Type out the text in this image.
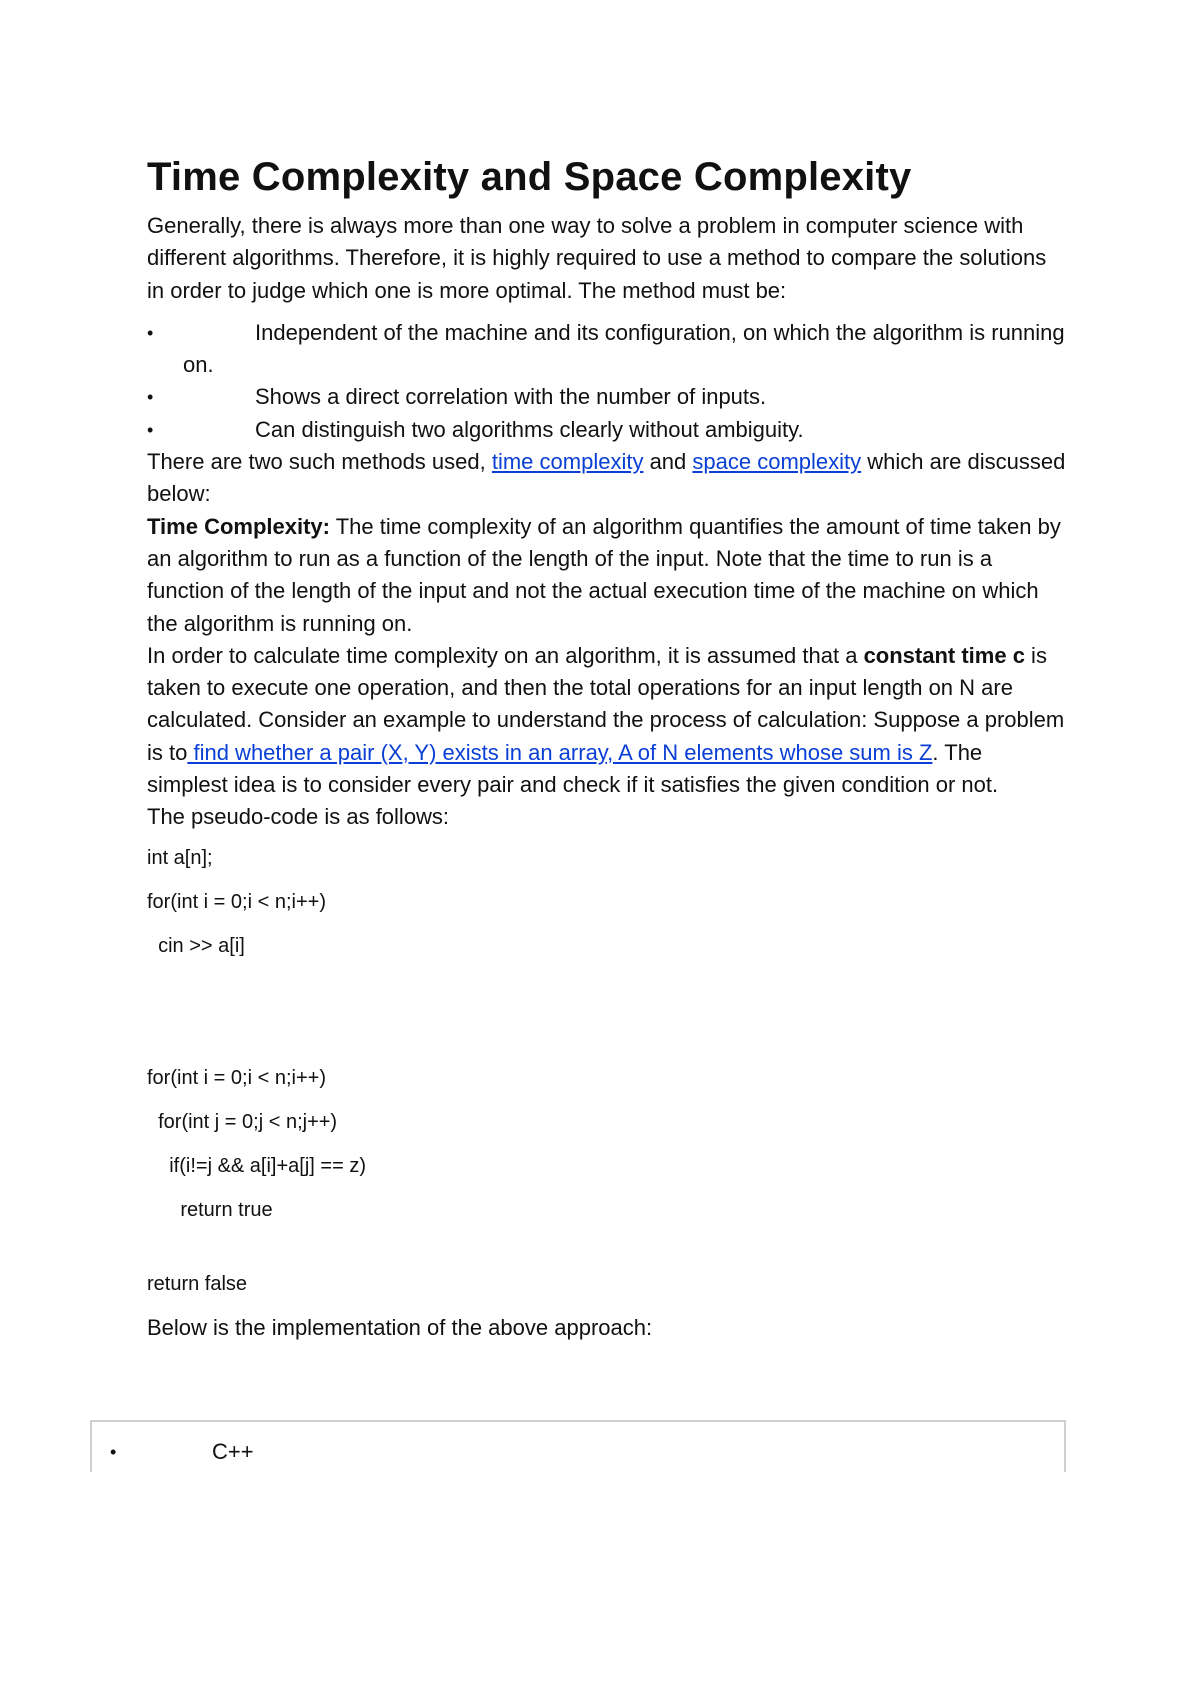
Time Complexity and Space Complexity

Generally, there is always more than one way to solve a problem in computer science with different algorithms. Therefore, it is highly required to use a method to compare the solutions in order to judge which one is more optimal. The method must be:

•	Independent of the machine and its configuration, on which the algorithm is running on.
•	Shows a direct correlation with the number of inputs.
•	Can distinguish two algorithms clearly without ambiguity.

There are two such methods used, time complexity and space complexity which are discussed below:

Time Complexity: The time complexity of an algorithm quantifies the amount of time taken by an algorithm to run as a function of the length of the input. Note that the time to run is a function of the length of the input and not the actual execution time of the machine on which the algorithm is running on.

In order to calculate time complexity on an algorithm, it is assumed that a constant time c is taken to execute one operation, and then the total operations for an input length on N are calculated. Consider an example to understand the process of calculation: Suppose a problem is to find whether a pair (X, Y) exists in an array, A of N elements whose sum is Z. The simplest idea is to consider every pair and check if it satisfies the given condition or not.

The pseudo-code is as follows:

int a[n];
for(int i = 0;i < n;i++)
cin >> a[i]
for(int i = 0;i < n;i++)
for(int j = 0;j < n;j++)
if(i!=j && a[i]+a[j] == z)
return true
return false

Below is the implementation of the above approach:

•	C++
